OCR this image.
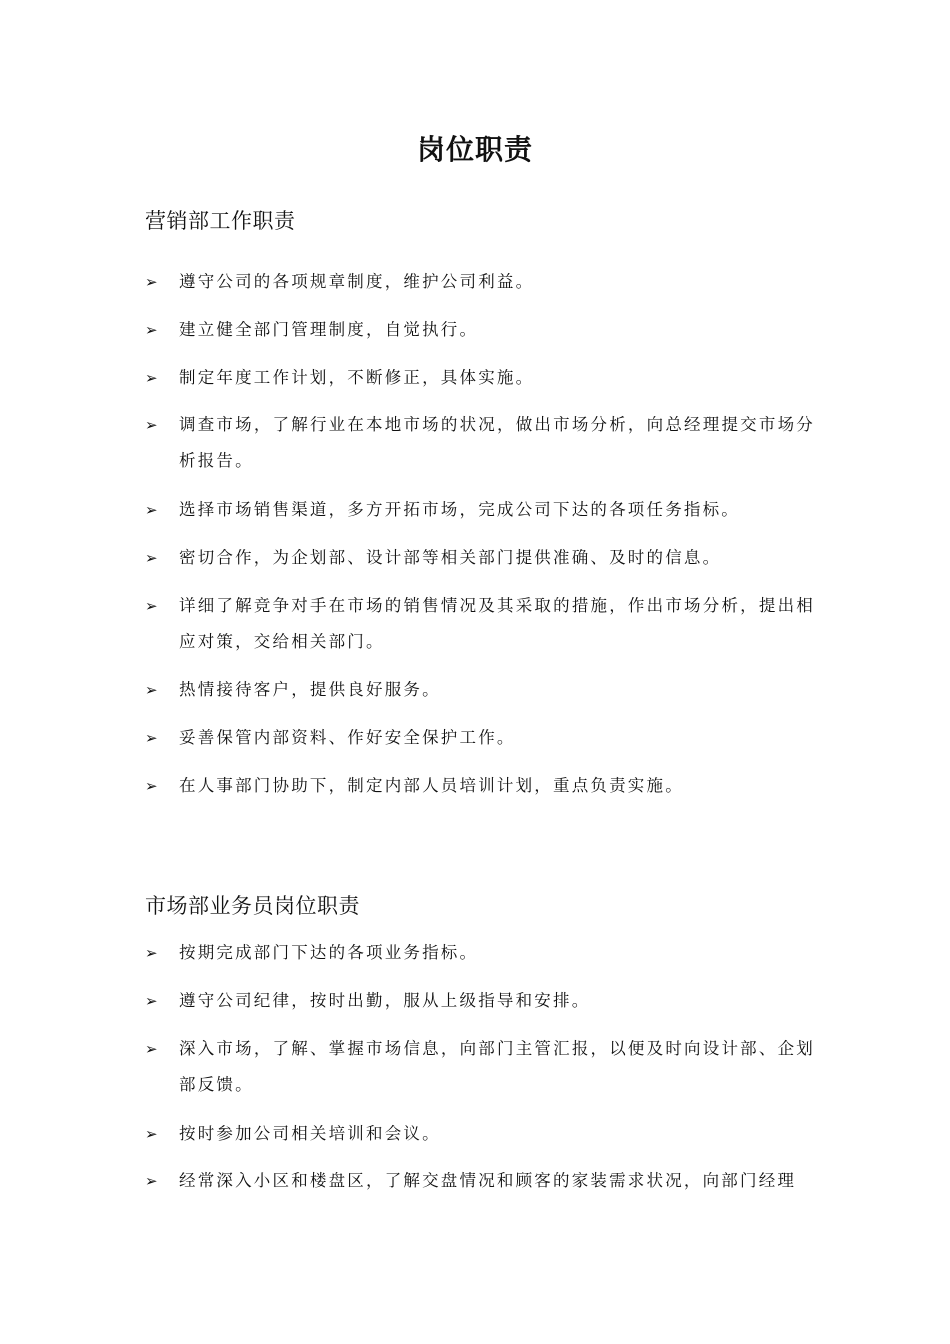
岗位职责
营销部工作职责
➢ 遵守公司的各项规章制度，维护公司利益。
➢ 建立健全部门管理制度，自觉执行。
➢ 制定年度工作计划，不断修正，具体实施。
➢ 调查市场，了解行业在本地市场的状况，做出市场分析，向总经理提交市场分析报告。
➢ 选择市场销售渠道，多方开拓市场，完成公司下达的各项任务指标。
➢ 密切合作，为企划部、设计部等相关部门提供准确、及时的信息。
➢ 详细了解竞争对手在市场的销售情况及其采取的措施，作出市场分析，提出相应对策，交给相关部门。
➢ 热情接待客户，提供良好服务。
➢ 妥善保管内部资料、作好安全保护工作。
➢ 在人事部门协助下，制定内部人员培训计划，重点负责实施。
市场部业务员岗位职责
➢ 按期完成部门下达的各项业务指标。
➢ 遵守公司纪律，按时出勤，服从上级指导和安排。
➢ 深入市场，了解、掌握市场信息，向部门主管汇报，以便及时向设计部、企划部反馈。
➢ 按时参加公司相关培训和会议。
➢ 经常深入小区和楼盘区，了解交盘情况和顾客的家装需求状况，向部门经理
